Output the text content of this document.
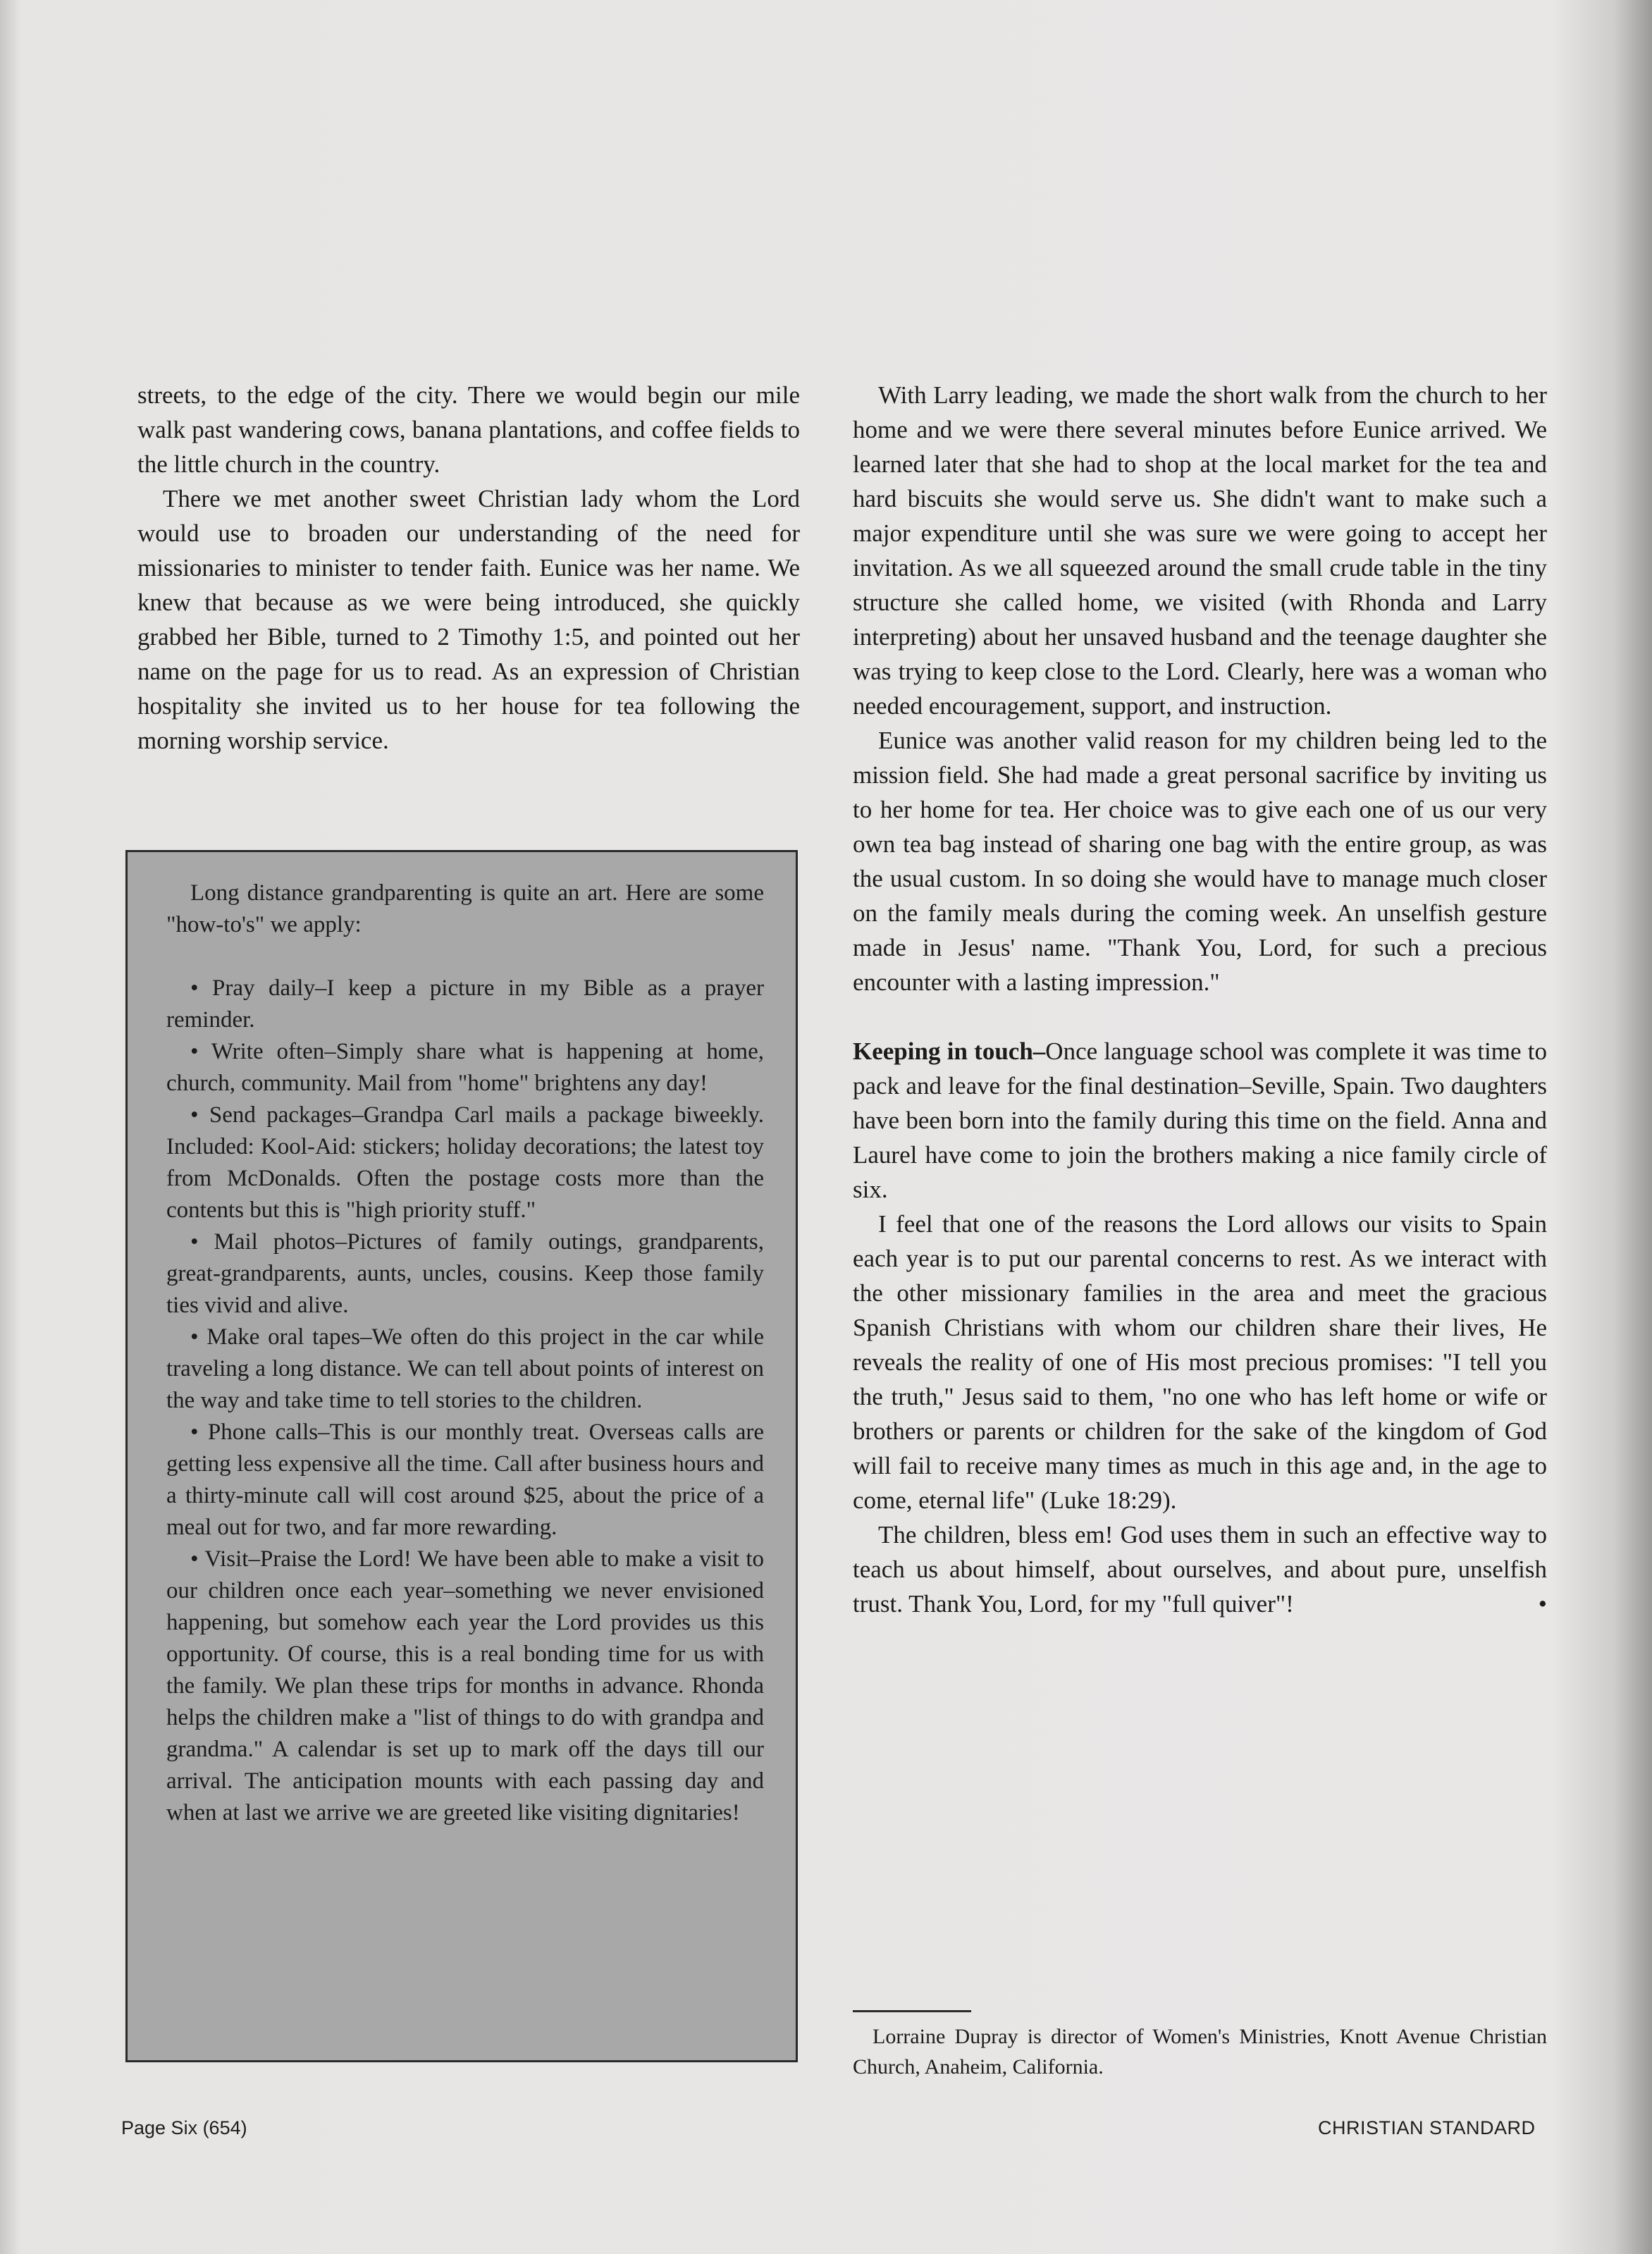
streets, to the edge of the city. There we would begin our mile walk past wandering cows, banana plantations, and coffee fields to the little church in the country.

There we met another sweet Christian lady whom the Lord would use to broaden our understanding of the need for missionaries to minister to tender faith. Eunice was her name. We knew that because as we were being introduced, she quickly grabbed her Bible, turned to 2 Timothy 1:5, and pointed out her name on the page for us to read. As an expression of Christian hospitality she invited us to her house for tea following the morning worship service.

Long distance grandparenting is quite an art. Here are some "how-to's" we apply:

• Pray daily–I keep a picture in my Bible as a prayer reminder.

• Write often–Simply share what is happening at home, church, community. Mail from "home" brightens any day!

• Send packages–Grandpa Carl mails a package biweekly. Included: Kool-Aid: stickers; holiday decorations; the latest toy from McDonalds. Often the postage costs more than the contents but this is "high priority stuff."

• Mail photos–Pictures of family outings, grandparents, great-grandparents, aunts, uncles, cousins. Keep those family ties vivid and alive.

• Make oral tapes–We often do this project in the car while traveling a long distance. We can tell about points of interest on the way and take time to tell stories to the children.

• Phone calls–This is our monthly treat. Overseas calls are getting less expensive all the time. Call after business hours and a thirty-minute call will cost around $25, about the price of a meal out for two, and far more rewarding.

• Visit–Praise the Lord! We have been able to make a visit to our children once each year–something we never envisioned happening, but somehow each year the Lord provides us this opportunity. Of course, this is a real bonding time for us with the family. We plan these trips for months in advance. Rhonda helps the children make a "list of things to do with grandpa and grandma." A calendar is set up to mark off the days till our arrival. The anticipation mounts with each passing day and when at last we arrive we are greeted like visiting dignitaries!

With Larry leading, we made the short walk from the church to her home and we were there several minutes before Eunice arrived. We learned later that she had to shop at the local market for the tea and hard biscuits she would serve us. She didn't want to make such a major expenditure until she was sure we were going to accept her invitation. As we all squeezed around the small crude table in the tiny structure she called home, we visited (with Rhonda and Larry interpreting) about her unsaved husband and the teenage daughter she was trying to keep close to the Lord. Clearly, here was a woman who needed encouragement, support, and instruction.

Eunice was another valid reason for my children being led to the mission field. She had made a great personal sacrifice by inviting us to her home for tea. Her choice was to give each one of us our very own tea bag instead of sharing one bag with the entire group, as was the usual custom. In so doing she would have to manage much closer on the family meals during the coming week. An unselfish gesture made in Jesus' name. "Thank You, Lord, for such a precious encounter with a lasting impression."

Keeping in touch–Once language school was complete it was time to pack and leave for the final destination–Seville, Spain. Two daughters have been born into the family during this time on the field. Anna and Laurel have come to join the brothers making a nice family circle of six.

I feel that one of the reasons the Lord allows our visits to Spain each year is to put our parental concerns to rest. As we interact with the other missionary families in the area and meet the gracious Spanish Christians with whom our children share their lives, He reveals the reality of one of His most precious promises: "I tell you the truth," Jesus said to them, "no one who has left home or wife or brothers or parents or children for the sake of the kingdom of God will fail to receive many times as much in this age and, in the age to come, eternal life" (Luke 18:29).

The children, bless em! God uses them in such an effective way to teach us about himself, about ourselves, and about pure, unselfish trust. Thank You, Lord, for my "full quiver"!	•

Lorraine Dupray is director of Women's Ministries, Knott Avenue Christian Church, Anaheim, California.

Page Six (654)	CHRISTIAN STANDARD
